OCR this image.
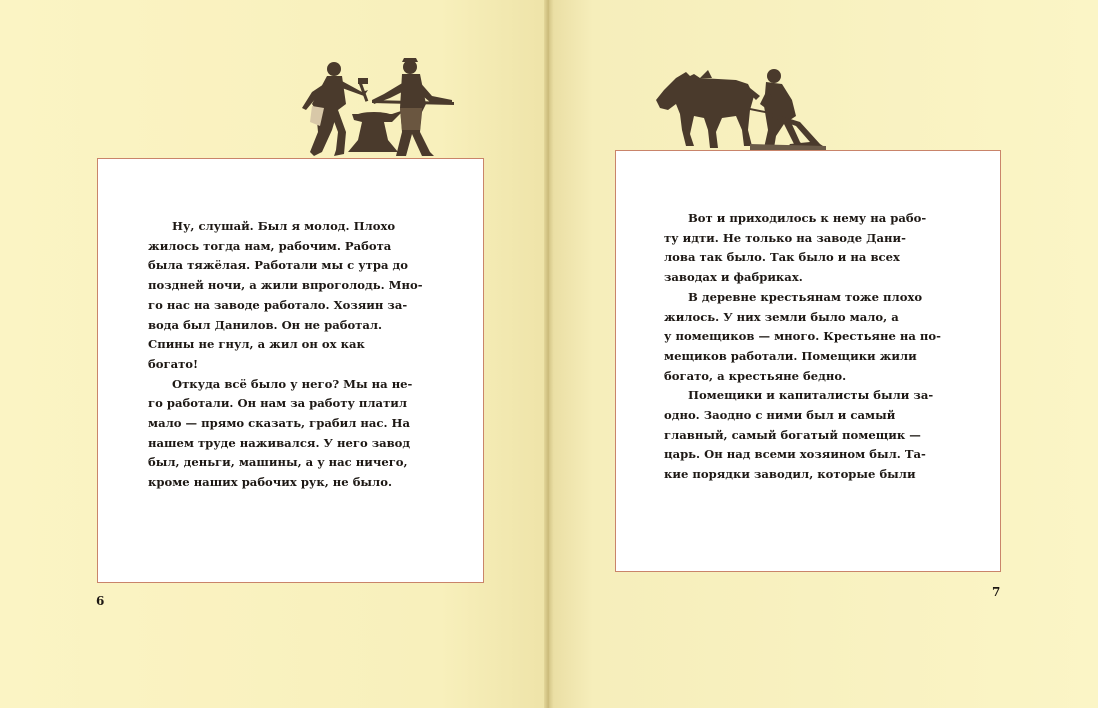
Ну, слушай. Был я молод. Плохо

жилось тогда нам, рабочим. Работа

была тяжёлая. Работали мы с утра до

поздней ночи, а жили впроголодь. Мно-

го нас на заводе работало. Хозяин за-

вода был Данилов. Он не работал.

Спины не гнул, а жил он ох как

богато!

Откуда всё было у него? Мы на не-

го работали. Он нам за работу платил

мало — прямо сказать, грабил нас. На

нашем труде наживался. У него завод

был, деньги, машины, а у нас ничего,

кроме наших рабочих рук, не было.

Вот и приходилось к нему на рабо-

ту идти. Не только на заводе Дани-

лова так было. Так было и на всех

заводах и фабриках.

В деревне крестьянам тоже плохо

жилось. У них земли было мало, а

у помещиков — много. Крестьяне на по-

мещиков работали. Помещики жили

богато, а крестьяне бедно.

Помещики и капиталисты были за-

одно. Заодно с ними был и самый

главный, самый богатый помещик —

царь. Он над всеми хозяином был. Та-

кие порядки заводил, которые были

6
7
